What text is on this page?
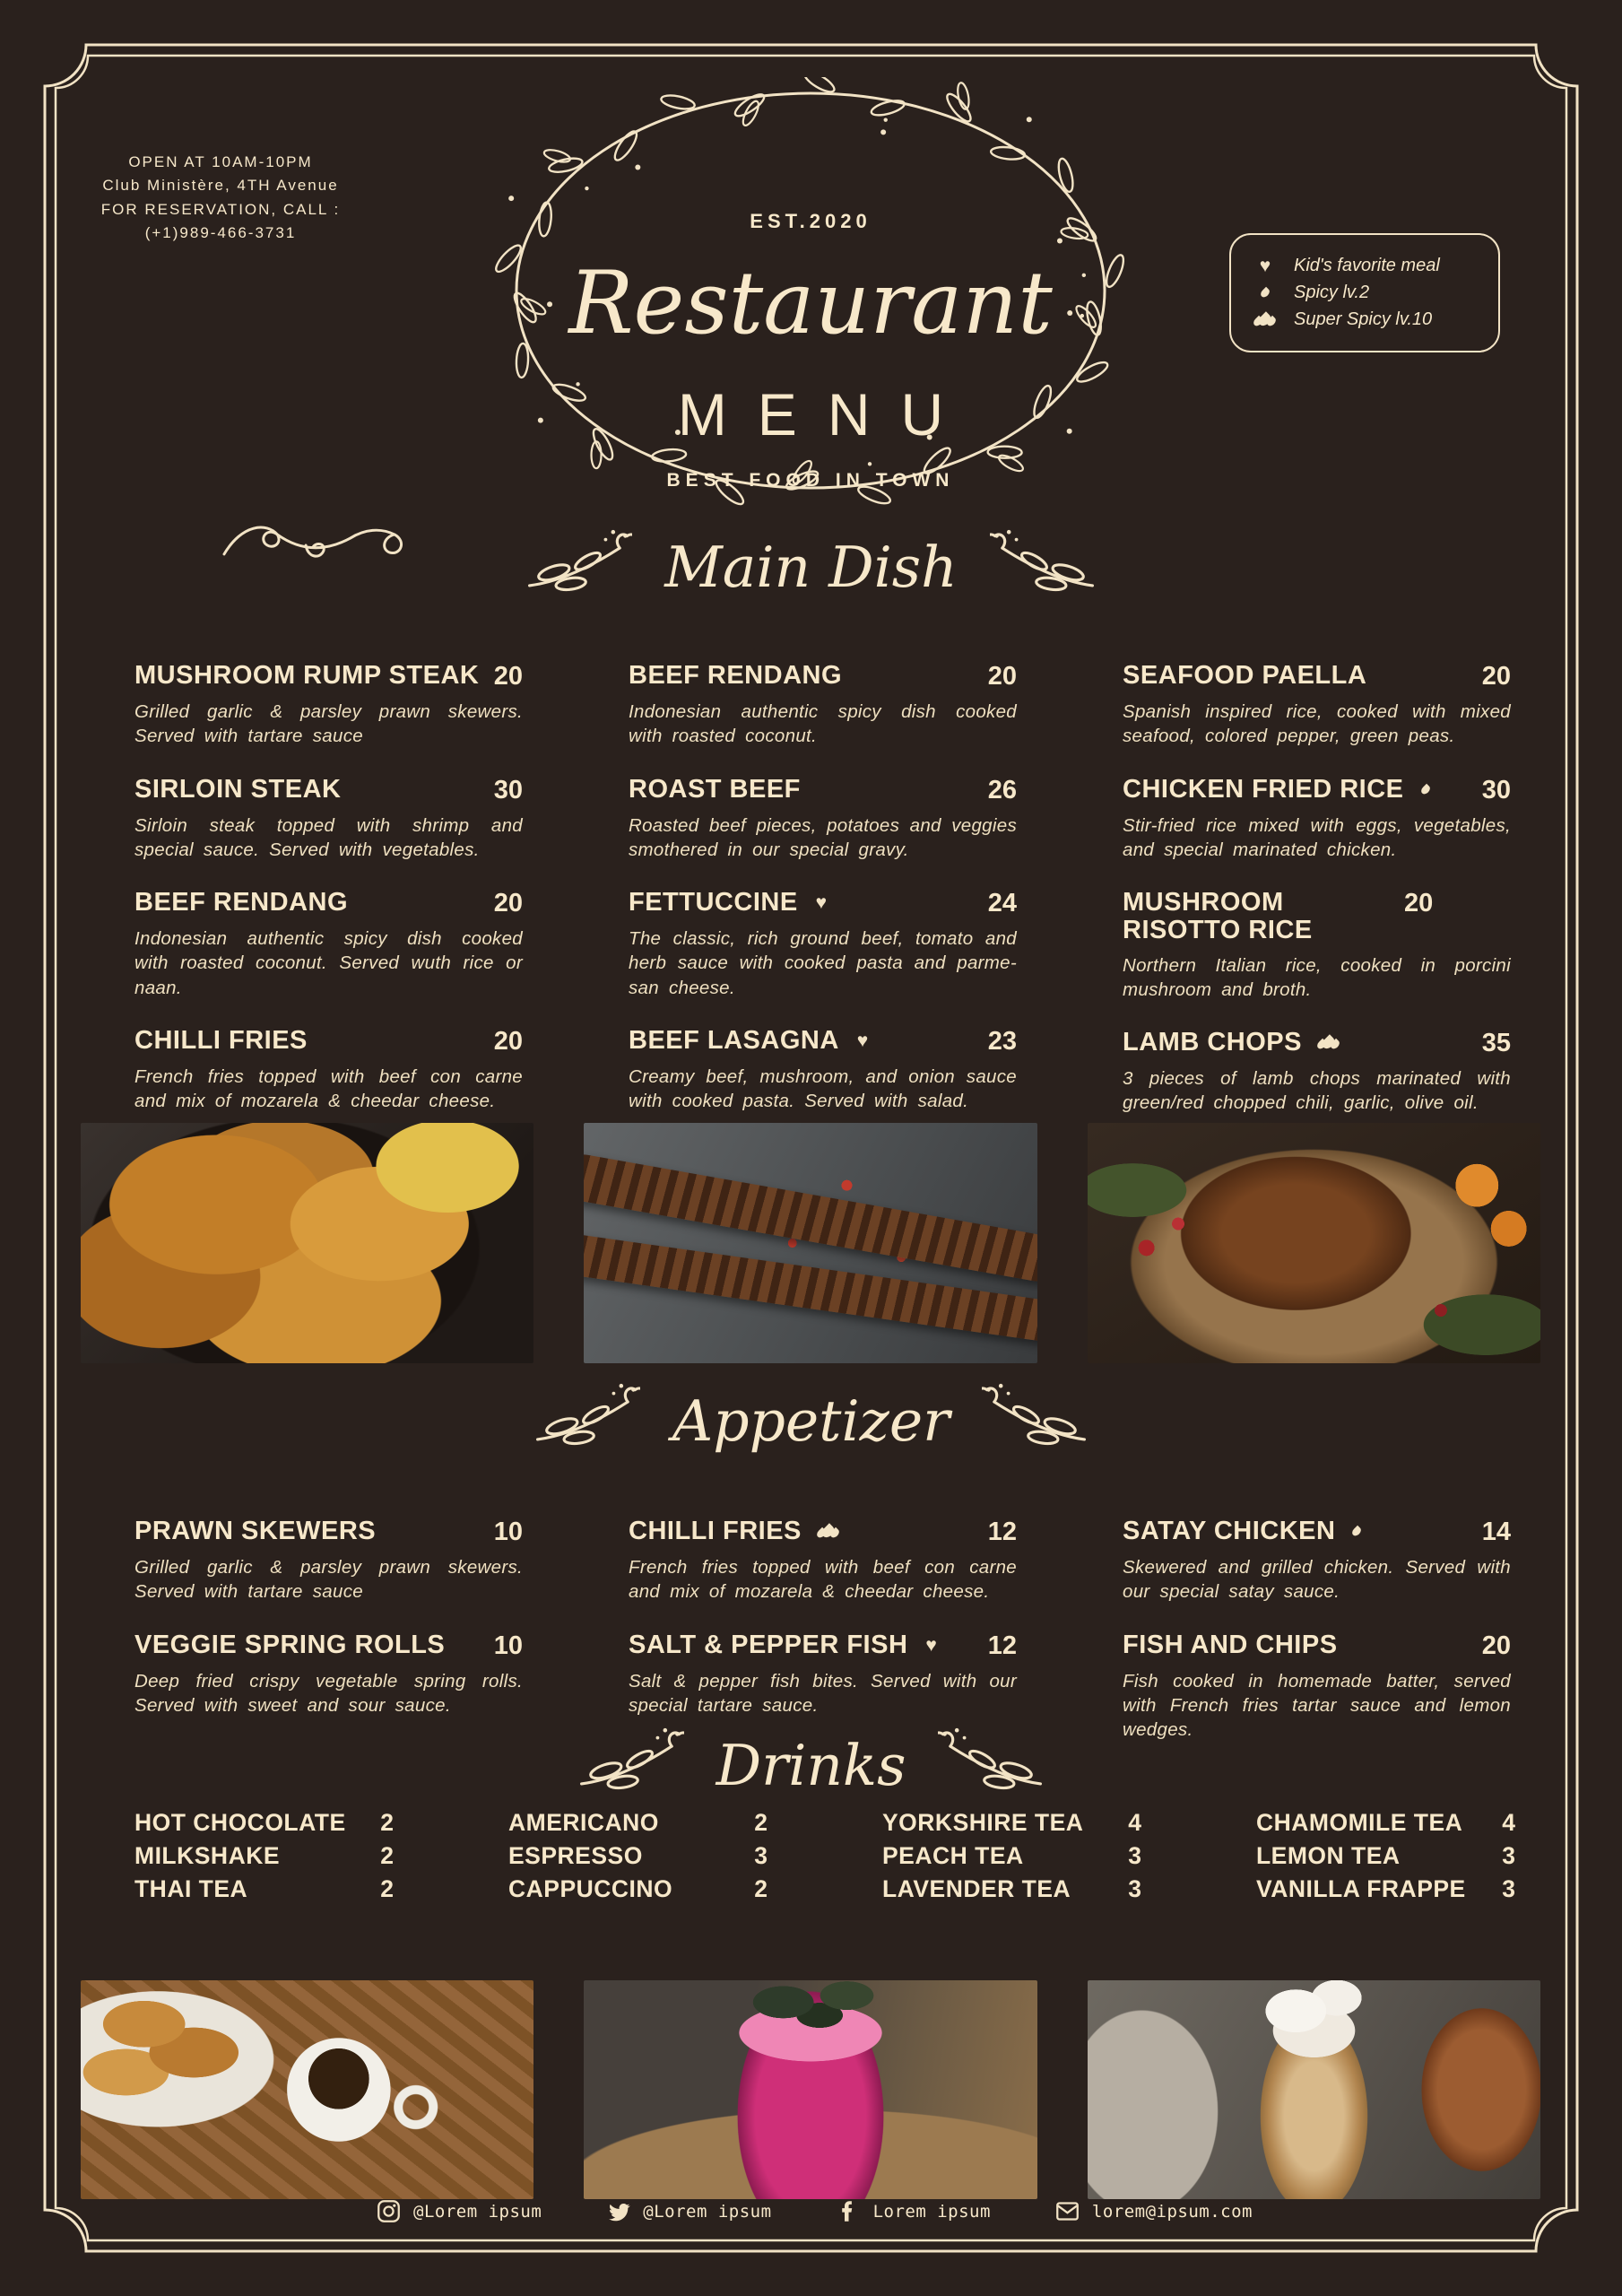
OPEN AT 10AM-10PM
Club Ministère, 4TH Avenue
FOR RESERVATION, CALL :
(+1)989-466-3731
EST.2020
Restaurant
MENU
BEST FOOD IN TOWN
♥ Kid's favorite meal
Spicy lv.2
Super Spicy lv.10
Main Dish
MUSHROOM RUMP STEAK 20

Grilled garlic & parsley prawn skewers. Served with tartare sauce

SIRLOIN STEAK	30

Sirloin steak topped with shrimp and special sauce. Served with vegetables.

BEEF RENDANG	20

Indonesian authentic spicy dish cooked with roasted coconut. Served wuth rice or naan.

CHILLI FRIES	20

French fries topped with beef con carne and mix of mozarela & cheedar cheese.

BEEF RENDANG	20

Indonesian authentic spicy dish cooked with roasted coconut.

ROAST BEEF	26

Roasted beef pieces, potatoes and veggies smothered in our special gravy.

FETTUCCINE ♥	24

The classic, rich ground beef, tomato and herb sauce with cooked pasta and parme-san cheese.

BEEF LASAGNA ♥	23

Creamy beef, mushroom, and onion sauce with cooked pasta. Served with salad.

SEAFOOD PAELLA	20

Spanish inspired rice, cooked with mixed seafood, colored pepper, green peas.

CHICKEN FRIED RICE	30

Stir-fried rice mixed with eggs, vegetables, and special marinated chicken.

MUSHROOM RISOTTO RICE
20

Northern Italian rice, cooked in porcini mushroom and broth.

LAMB CHOPS	35

3 pieces of lamb chops marinated with green/red chopped chili, garlic, olive oil.

Appetizer
PRAWN SKEWERS	10

Grilled garlic & parsley prawn skewers. Served with tartare sauce

VEGGIE SPRING ROLLS 10

Deep fried crispy vegetable spring rolls. Served with sweet and sour sauce.

CHILLI FRIES	12

French fries topped with beef con carne and mix of mozarela & cheedar cheese.

SALT & PEPPER FISH ♥ 12

Salt & pepper fish bites. Served with our special tartare sauce.

SATAY CHICKEN	14

Skewered and grilled chicken. Served with our special satay sauce.

FISH AND CHIPS	20

Fish cooked in homemade batter, served with French fries tartar sauce and lemon wedges.

Drinks
HOT CHOCOLATE 2
MILKSHAKE	2
THAI TEA	2
AMERICANO	2
ESPRESSO	3
CAPPUCCINO	2
YORKSHIRE TEA 4
PEACH TEA	3
LAVENDER TEA 3
CHAMOMILE TEA 4
LEMON TEA	3
VANILLA FRAPPE 3
@Lorem ipsum	@Lorem ipsum	Lorem ipsum	lorem@ipsum.com
